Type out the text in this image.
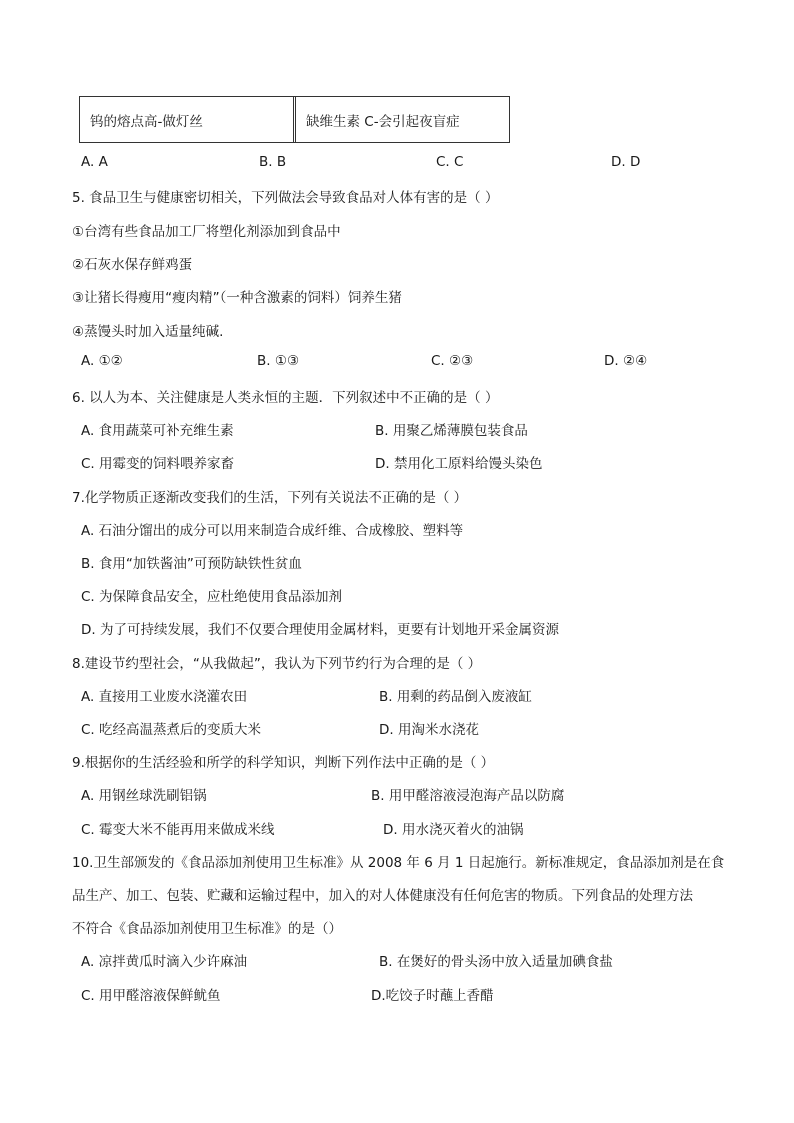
钨的熔点高-做灯丝	缺维生素 C-会引起夜盲症
A. A	B. B	C. C	D. D
5. 食品卫生与健康密切相关，下列做法会导致食品对人体有害的是（ ）
①台湾有些食品加工厂将塑化剂添加到食品中
②石灰水保存鲜鸡蛋
③让猪长得瘦用“瘦肉精”（一种含激素的饲料）饲养生猪
④蒸馒头时加入适量纯碱.
A. ①②	B. ①③	C. ②③	D. ②④
6. 以人为本、关注健康是人类永恒的主题．下列叙述中不正确的是（ ）
A. 食用蔬菜可补充维生素	B. 用聚乙烯薄膜包装食品
C. 用霉变的饲料喂养家畜	D. 禁用化工原料给馒头染色
7.化学物质正逐渐改变我们的生活，下列有关说法不正确的是（ ）
A. 石油分馏出的成分可以用来制造合成纤维、合成橡胶、塑料等
B. 食用“加铁酱油”可预防缺铁性贫血
C. 为保障食品安全，应杜绝使用食品添加剂
D. 为了可持续发展，我们不仅要合理使用金属材料，更要有计划地开采金属资源
8.建设节约型社会，“从我做起”，我认为下列节约行为合理的是（ ）
A. 直接用工业废水浇灌农田	B. 用剩的药品倒入废液缸
C. 吃经高温蒸煮后的变质大米	D. 用淘米水浇花
9.根据你的生活经验和所学的科学知识，判断下列作法中正确的是（ ）
A. 用钢丝球洗刷铝锅	B. 用甲醛溶液浸泡海产品以防腐
C. 霉变大米不能再用来做成米线	D. 用水浇灭着火的油锅
10.卫生部颁发的《食品添加剂使用卫生标准》从 2008 年 6 月 1 日起施行。新标准规定，食品添加剂是在食
品生产、加工、包装、贮藏和运输过程中，加入的对人体健康没有任何危害的物质。下列食品的处理方法
不符合《食品添加剂使用卫生标准》的是（）
A. 凉拌黄瓜时滴入少许麻油	B. 在煲好的骨头汤中放入适量加碘食盐
C. 用甲醛溶液保鲜鱿鱼	D.吃饺子时蘸上香醋
